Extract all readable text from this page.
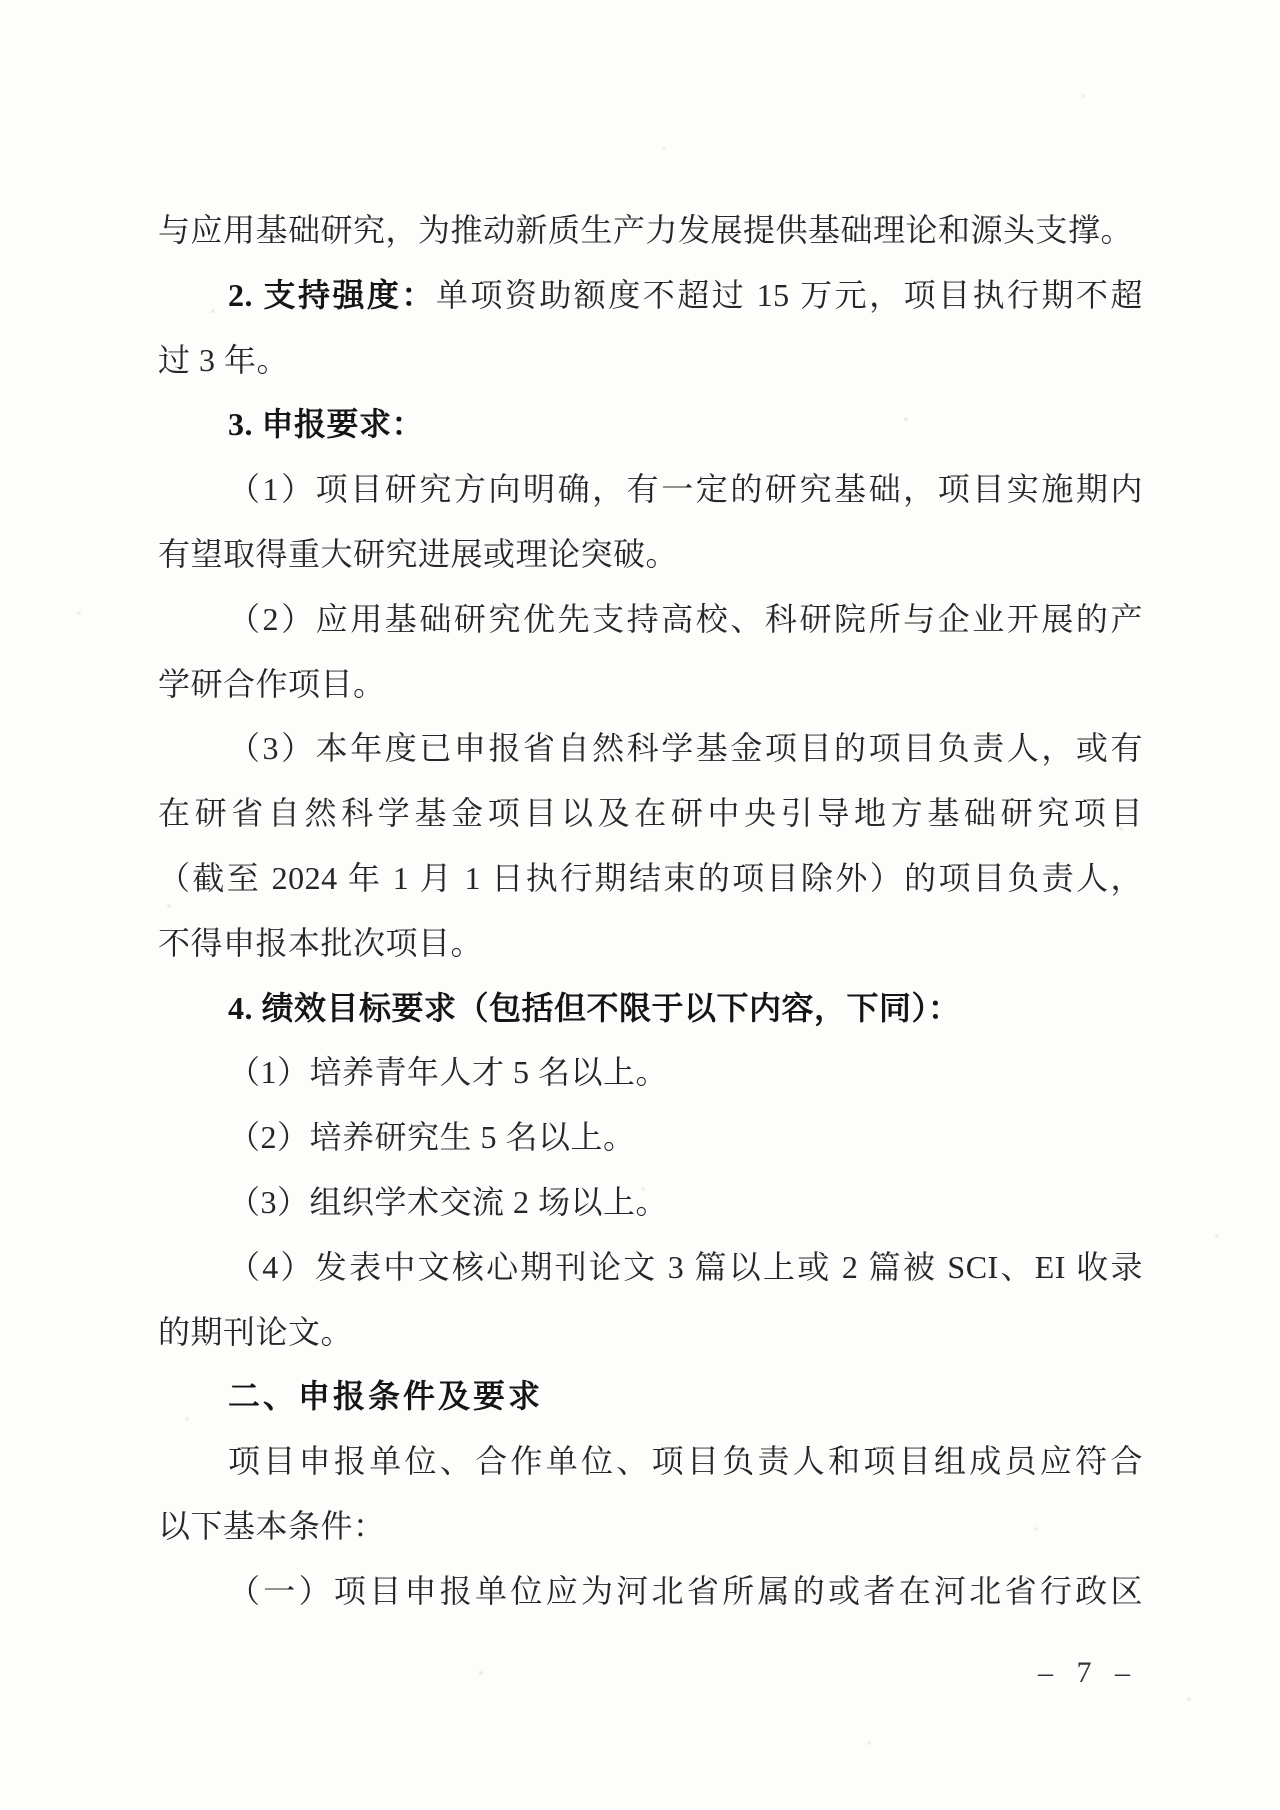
与应用基础研究，为推动新质生产力发展提供基础理论和源头支撑。
2. 支持强度：单项资助额度不超过 15 万元，项目执行期不超
过 3 年。
3. 申报要求：
（1）项目研究方向明确，有一定的研究基础，项目实施期内
有望取得重大研究进展或理论突破。
（2）应用基础研究优先支持高校、科研院所与企业开展的产
学研合作项目。
（3）本年度已申报省自然科学基金项目的项目负责人，或有
在研省自然科学基金项目以及在研中央引导地方基础研究项目
（截至 2024 年 1 月 1 日执行期结束的项目除外）的项目负责人，
不得申报本批次项目。
4. 绩效目标要求（包括但不限于以下内容，下同）：
（1）培养青年人才 5 名以上。
（2）培养研究生 5 名以上。
（3）组织学术交流 2 场以上。
（4）发表中文核心期刊论文 3 篇以上或 2 篇被 SCI、EI 收录
的期刊论文。
二、申报条件及要求
项目申报单位、合作单位、项目负责人和项目组成员应符合
以下基本条件：
（一）项目申报单位应为河北省所属的或者在河北省行政区
– 7 –
